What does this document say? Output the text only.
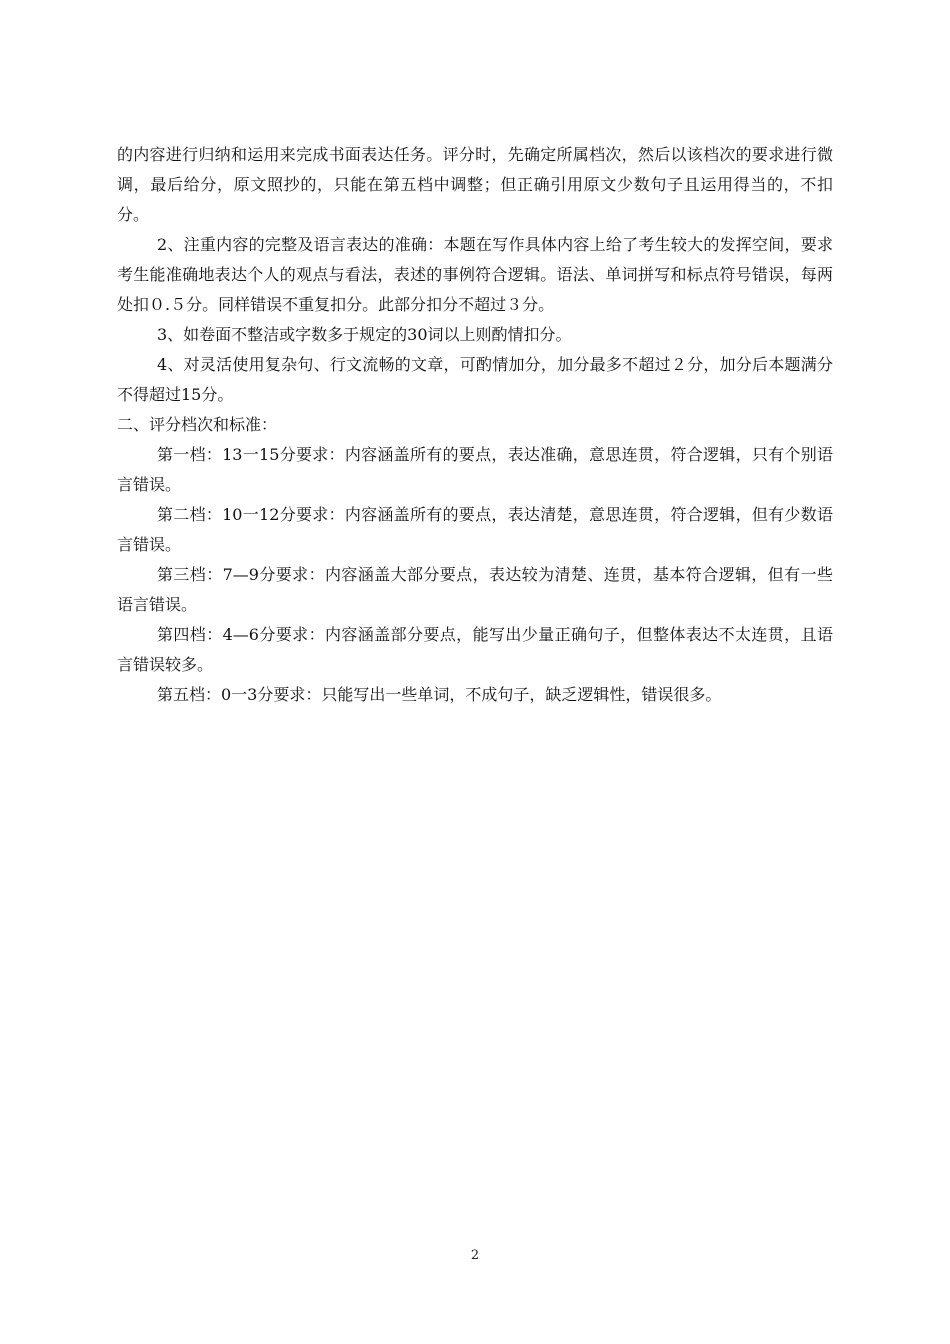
的内容进行归纳和运用来完成书面表达任务。评分时，先确定所属档次，然后以该档次的要求进行微调，最后给分，原文照抄的，只能在第五档中调整；但正确引用原文少数句子且运用得当的，不扣分。

2、注重内容的完整及语言表达的准确：本题在写作具体内容上给了考生较大的发挥空间，要求考生能准确地表达个人的观点与看法，表述的事例符合逻辑。语法、单词拼写和标点符号错误，每两处扣０.５分。同样错误不重复扣分。此部分扣分不超过３分。

3、如卷面不整洁或字数多于规定的30词以上则酌情扣分。

4、对灵活使用复杂句、行文流畅的文章，可酌情加分，加分最多不超过２分，加分后本题满分不得超过15分。

二、评分档次和标准：

第一档：13一15分要求：内容涵盖所有的要点，表达准确，意思连贯，符合逻辑，只有个别语言错误。

第二档：10一12分要求：内容涵盖所有的要点，表达清楚，意思连贯，符合逻辑，但有少数语言错误。

第三档：7—9分要求：内容涵盖大部分要点，表达较为清楚、连贯，基本符合逻辑，但有一些语言错误。

第四档：4—6分要求：内容涵盖部分要点，能写出少量正确句子，但整体表达不太连贯，且语言错误较多。

第五档：0一3分要求：只能写出一些单词，不成句子，缺乏逻辑性，错误很多。

2
